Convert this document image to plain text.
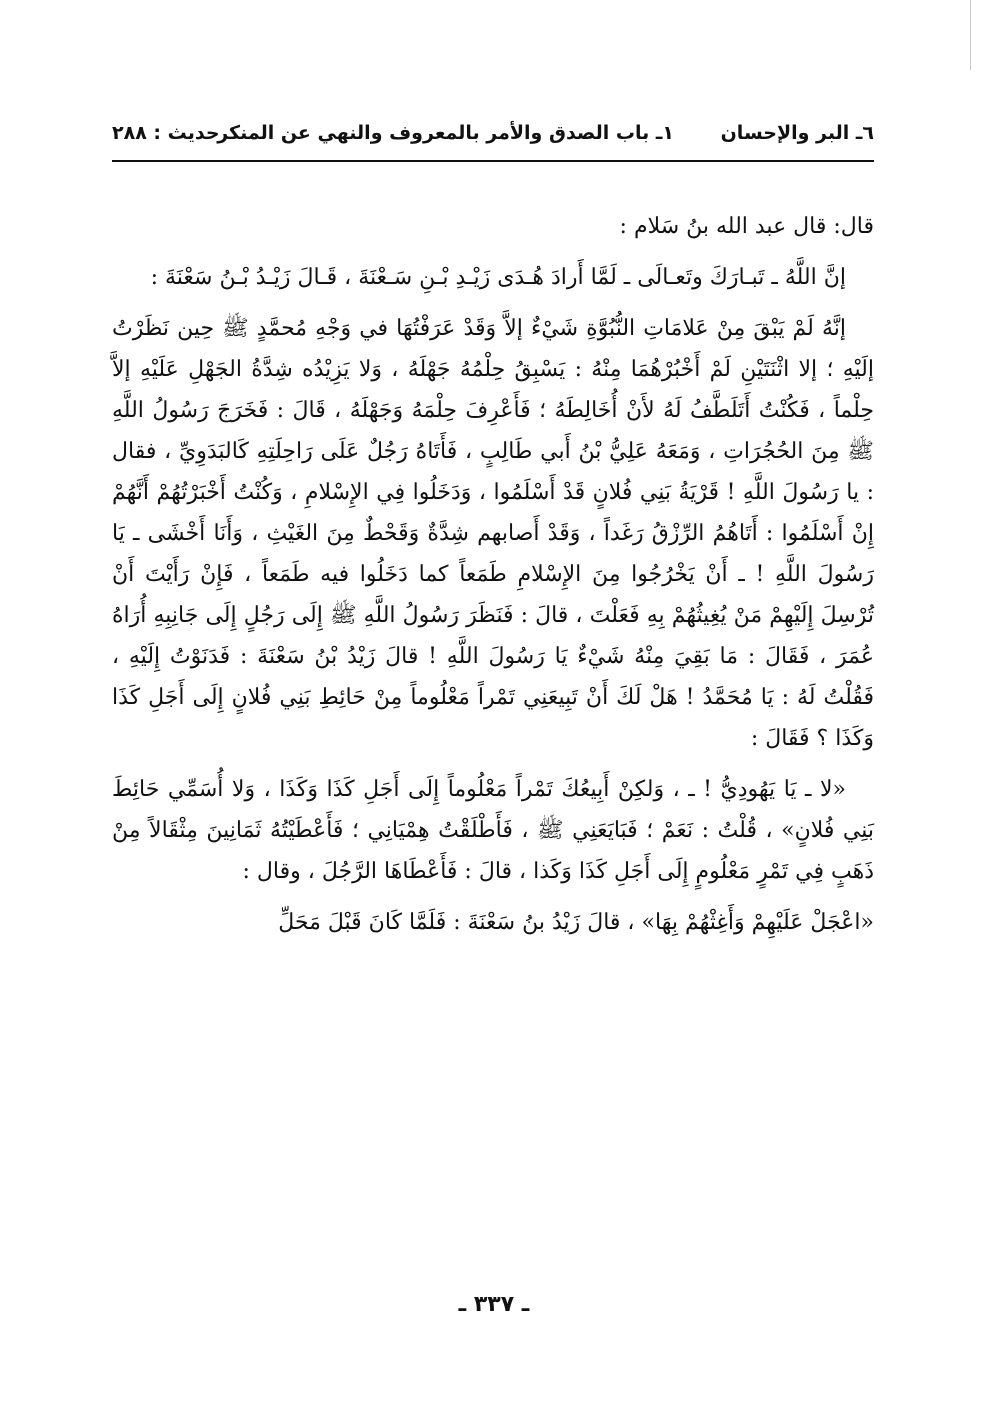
٦ـ البر والإحسان
١ـ باب الصدق والأمر بالمعروف والنهي عن المنكر
حديث : ٢٨٨

قال: قال عبد الله بنُ سَلام :

إنَّ اللَّهُ ـ تَبـارَكَ وتَعـالَى ـ لَمَّا أَرادَ هُـدَى زَيْـدِ بْـنِ سَـعْنَةَ ، قَـالَ زَيْـدُ بْـنُ سَعْنَةَ :

إنَّهُ لَمْ يَبْقَ مِنْ عَلامَاتِ النُّبُوَّةِ شَيْءٌ إلاَّ وَقَدْ عَرَفْتُهَا في وَجْهِ مُحمَّدٍ ﷺ حِين نَظَرْتُ إلَيْهِ ؛ إلا اثْنَتَيْنِ لَمْ أَخْبُرْهُمَا مِنْهُ : يَسْبِقُ حِلْمُهُ جَهْلَهُ ، وَلا يَزِيْدُه شِدَّةُ الجَهْلِ عَلَيْهِ إلاَّ حِلْماً ، فَكُنْتُ أَتَلَطَّفُ لَهُ لأَنْ أُخَالِطَهُ ؛ فَأَعْرِفَ حِلْمَهُ وَجَهْلَهُ ، قَالَ : فَخَرَجَ رَسُولُ اللَّهِ ﷺ مِنَ الحُجُرَاتِ ، وَمَعَهُ عَلِيُّ بْنُ أَبي طَالِبٍ ، فَأَتَاهُ رَجُلٌ عَلَى رَاحِلَتِهِ كَالبَدَوِيِّ ، فقال : يا رَسُولَ اللَّهِ ! قَرْيَةُ بَنِي فُلانٍ قَدْ أَسْلَمُوا ، وَدَخَلُوا فِي الإِسْلامِ ، وَكُنْتُ أَخْبَرْتُهُمْ أَنَّهُمْ إِنْ أَسْلَمُوا : أَتَاهُمُ الرِّزْقُ رَغَداً ، وَقَدْ أَصابهم شِدَّةٌ وَقَحْطٌ مِنَ الغَيْثِ ، وَأَنَا أَخْشَى ـ يَا رَسُولَ اللَّهِ ! ـ أَنْ يَخْرُجُوا مِنَ الإِسْلامِ طَمَعاً كما دَخَلُوا فيه طَمَعاً ، فَإِنْ رَأَيْتَ أَنْ تُرْسِلَ إِلَيْهِمْ مَنْ يُغِيثُهُمْ بِهِ فَعَلْتَ ، قالَ : فَنَظَرَ رَسُولُ اللَّهِ ﷺ إِلَى رَجُلٍ إِلَى جَانِبِهِ أُرَاهُ عُمَرَ ، فَقَالَ : مَا بَقِيَ مِنْهُ شَيْءٌ يَا رَسُولَ اللَّهِ ! قالَ زَيْدُ بْنُ سَعْنَةَ : فَدَنَوْتُ إِلَيْهِ ، فَقُلْتُ لَهُ : يَا مُحَمَّدُ ! هَلْ لَكَ أَنْ تَبِيعَنِي تَمْراً مَعْلُوماً مِنْ حَائِطِ بَنِي فُلانٍ إِلَى أَجَلِ كَذَا وَكَذَا ؟ فَقَالَ :

«لا ـ يَا يَهُودِيُّ ! ـ ، وَلكِنْ أَبِيعُكَ تَمْراً مَعْلُوماً إِلَى أَجَلِ كَذَا وَكَذَا ، وَلا أُسَمِّي حَائِطَ بَنِي فُلانٍ» ، قُلْتُ : نَعَمْ ؛ فَبَايَعَنِي ﷺ ، فَأَطْلَقْتُ هِمْيَانِي ؛ فَأَعْطَيْتُهُ ثَمَانِينَ مِثْقَالاً مِنْ ذَهَبٍ فِي تَمْرٍ مَعْلُومٍ إِلَى أَجَلِ كَذَا وَكَذا ، قالَ : فَأَعْطَاهَا الرَّجُلَ ، وقال :

«اعْجَلْ عَلَيْهِمْ وَأَغِثْهُمْ بِهَا» ، قالَ زَيْدُ بنُ سَعْنَةَ : فَلَمَّا كَانَ قَبْلَ مَحَلِّ

ـ ٣٣٧ ـ
